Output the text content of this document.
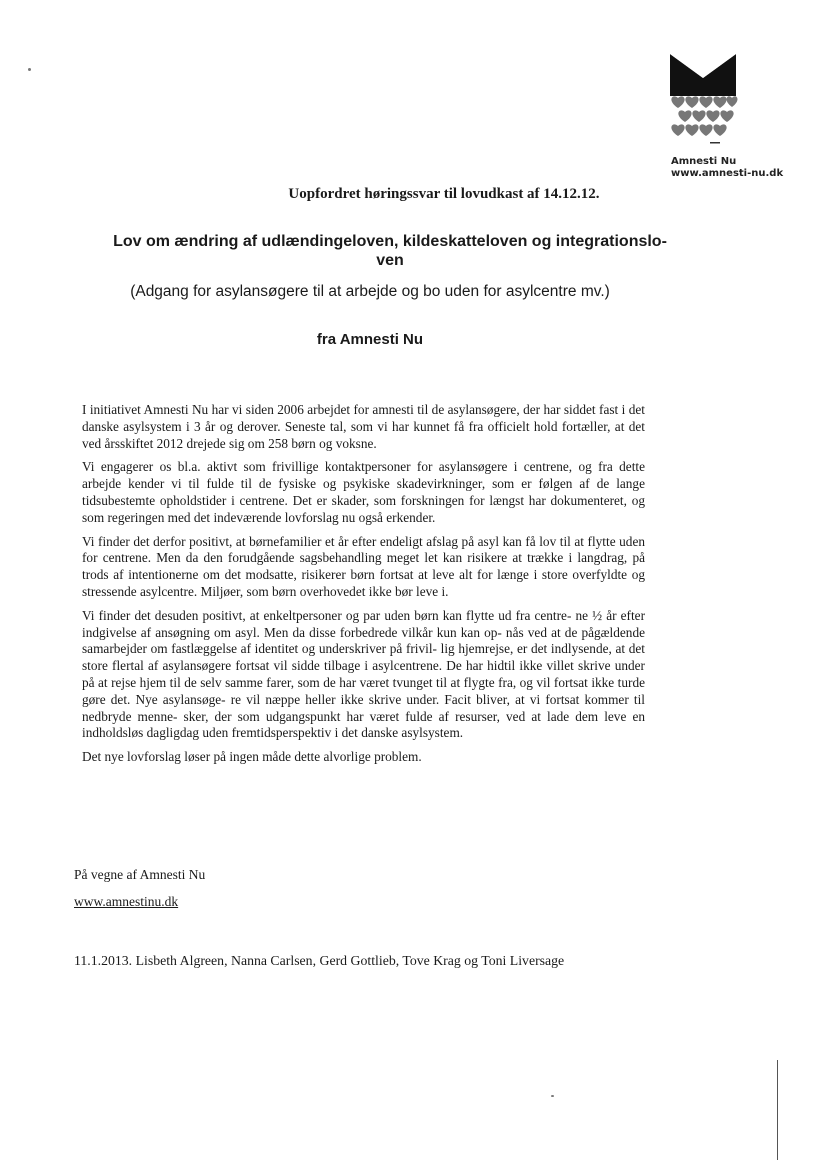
Amnesti Nu
www.amnesti-nu.dk
Uopfordret høringssvar til lovudkast af 14.12.12.
Lov om ændring af udlændingeloven, kildeskatteloven og integrationslo- ven
(Adgang for asylansøgere til at arbejde og bo uden for asylcentre mv.)
fra Amnesti Nu

I initiativet Amnesti Nu har vi siden 2006 arbejdet for amnesti til de asylansøgere, der har siddet fast i det danske asylsystem i 3 år og derover. Seneste tal, som vi har kunnet få fra officielt hold fortæller, at det ved årsskiftet 2012 drejede sig om 258 børn og voksne.

Vi engagerer os bl.a. aktivt som frivillige kontaktpersoner for asylansøgere i centrene, og fra dette arbejde kender vi til fulde til de fysiske og psykiske skadevirkninger, som er følgen af de lange tidsubestemte opholdstider i centrene. Det er skader, som forskningen for længst har dokumenteret, og som regeringen med det indeværende lovforslag nu også erkender.

Vi finder det derfor positivt, at børnefamilier et år efter endeligt afslag på asyl kan få lov til at flytte uden for centrene. Men da den forudgående sagsbehandling meget let kan risikere at trække i langdrag, på trods af intentionerne om det modsatte, risikerer børn fortsat at leve alt for længe i store overfyldte og stressende asylcentre. Miljøer, som børn overhovedet ikke bør leve i.

Vi finder det desuden positivt, at enkeltpersoner og par uden børn kan flytte ud fra centre- ne ½ år efter indgivelse af ansøgning om asyl. Men da disse forbedrede vilkår kun kan op- nås ved at de pågældende samarbejder om fastlæggelse af identitet og underskriver på frivil- lig hjemrejse, er det indlysende, at det store flertal af asylansøgere fortsat vil sidde tilbage i asylcentrene. De har hidtil ikke villet skrive under på at rejse hjem til de selv samme farer, som de har været tvunget til at flygte fra, og vil fortsat ikke turde gøre det. Nye asylansøge- re vil næppe heller ikke skrive under. Facit bliver, at vi fortsat kommer til nedbryde menne- sker, der som udgangspunkt har været fulde af resurser, ved at lade dem leve en indholdsløs dagligdag uden fremtidsperspektiv i det danske asylsystem.

Det nye lovforslag løser på ingen måde dette alvorlige problem.

På vegne af Amnesti Nu
www.amnestinu.dk
11.1.2013. Lisbeth Algreen, Nanna Carlsen, Gerd Gottlieb, Tove Krag og Toni Liversage
